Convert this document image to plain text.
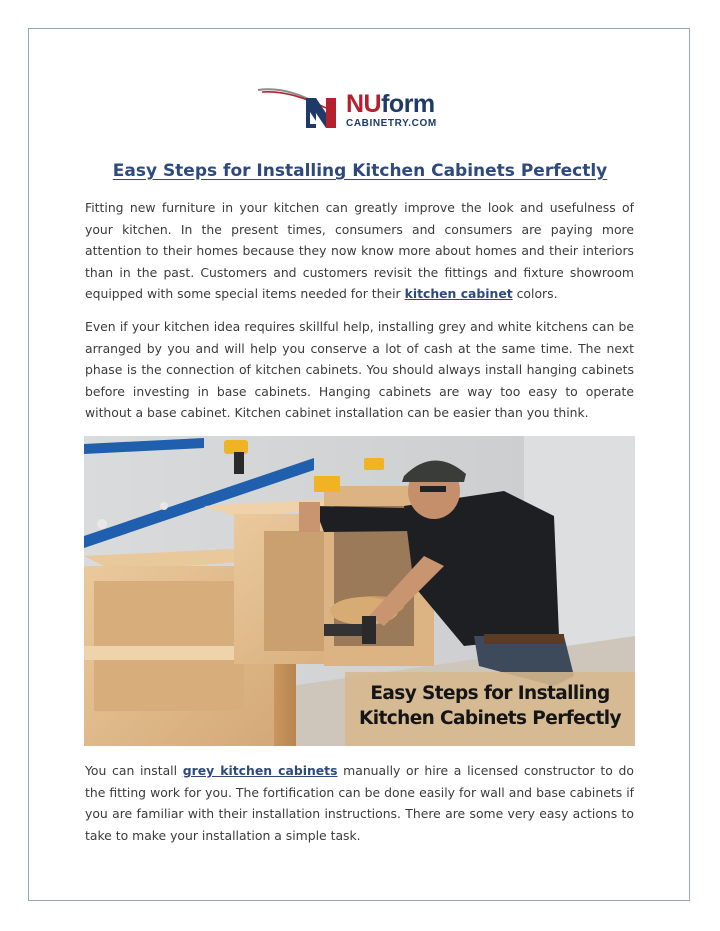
NUform
CABINETRY.COM
Easy Steps for Installing Kitchen Cabinets Perfectly

Fitting new furniture in your kitchen can greatly improve the look and usefulness of your kitchen. In the present times, consumers and consumers are paying more attention to their homes because they now know more about homes and their interiors than in the past. Customers and customers revisit the fittings and fixture showroom equipped with some special items needed for their kitchen cabinet colors.

Even if your kitchen idea requires skillful help, installing grey and white kitchens can be arranged by you and will help you conserve a lot of cash at the same time. The next phase is the connection of kitchen cabinets. You should always install hanging cabinets before investing in base cabinets. Hanging cabinets are way too easy to operate without a base cabinet. Kitchen cabinet installation can be easier than you think.

Easy Steps for Installing
Kitchen Cabinets Perfectly

You can install grey kitchen cabinets manually or hire a licensed constructor to do the fitting work for you. The fortification can be done easily for wall and base cabinets if you are familiar with their installation instructions. There are some very easy actions to take to make your installation a simple task.
